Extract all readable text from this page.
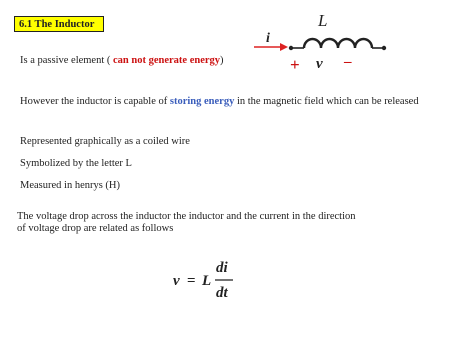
6.1 The Inductor	L
i
+ v –
Is a passive element ( can not generate energy)
However the inductor is capable of storing energy in the magnetic field which can be released
Represented graphically as a coiled wire
Symbolized by the letter L
Measured in henrys (H)
The voltage drop across the inductor the inductor and the current in the direction
of voltage drop are related as follows
v = L
di
dt
